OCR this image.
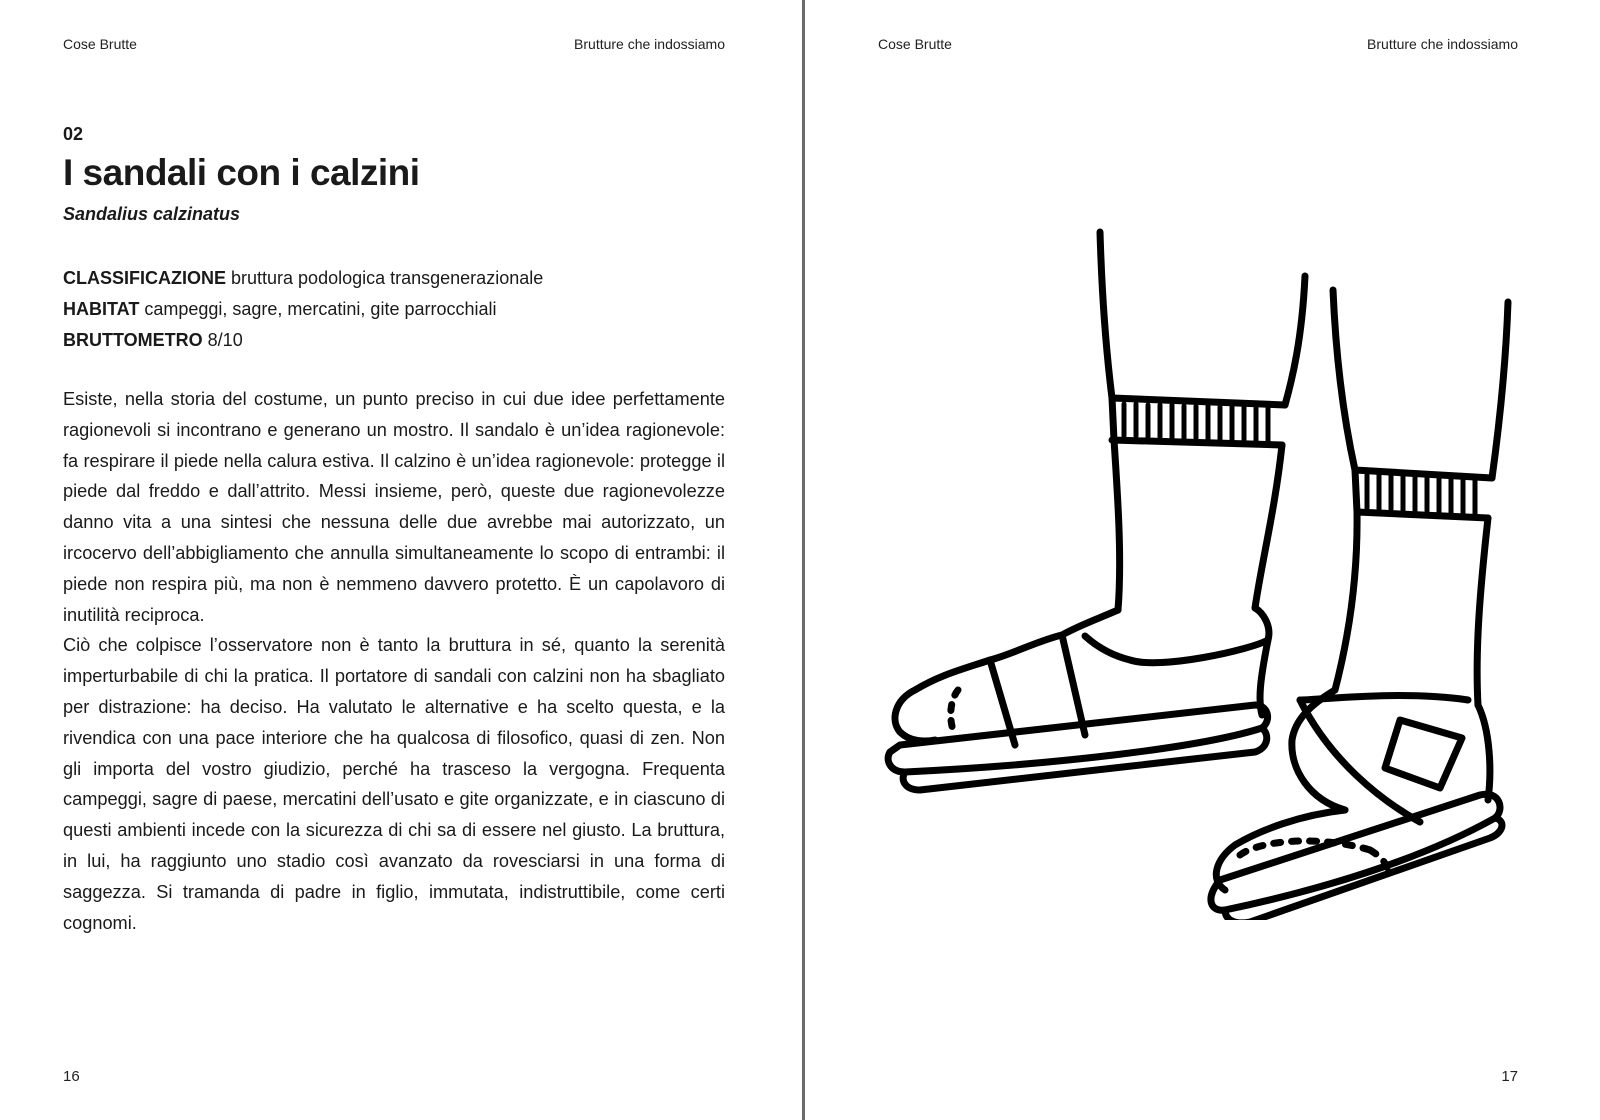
Cose Brutte	Brutture che indossiamo
02
I sandali con i calzini
Sandalius calzinatus
CLASSIFICAZIONE bruttura podologica transgenerazionale
HABITAT campeggi, sagre, mercatini, gite parrocchiali
BRUTTOMETRO 8/10

Esiste, nella storia del costume, un punto preciso in cui due idee perfettamente ragionevoli si incontrano e generano un mostro. Il sandalo è un’idea ragionevole: fa respirare il piede nella calura estiva. Il calzino è un’idea ragionevole: protegge il piede dal freddo e dall’attrito. Messi insieme, però, queste due ragionevolezze danno vita a una sintesi che nessuna delle due avrebbe mai autorizzato, un ircocervo dell’abbigliamento che annulla simultaneamente lo scopo di entrambi: il piede non respira più, ma non è nemmeno davvero protetto. È un capolavoro di inutilità reciproca.

Ciò che colpisce l’osservatore non è tanto la bruttura in sé, quanto la serenità imperturbabile di chi la pratica. Il portatore di sandali con calzini non ha sbagliato per distrazione: ha deciso. Ha valutato le alternative e ha scelto questa, e la rivendica con una pace interiore che ha qualcosa di filosofico, quasi di zen. Non gli importa del vostro giudizio, perché ha trasceso la vergogna. Frequenta campeggi, sagre di paese, mercatini dell’usato e gite organizzate, e in ciascuno di questi ambienti incede con la sicurezza di chi sa di essere nel giusto. La bruttura, in lui, ha raggiunto uno stadio così avanzato da rovesciarsi in una forma di saggezza. Si tramanda di padre in figlio, immutata, indistruttibile, come certi cognomi.

16
Cose Brutte	Brutture che indossiamo
17
